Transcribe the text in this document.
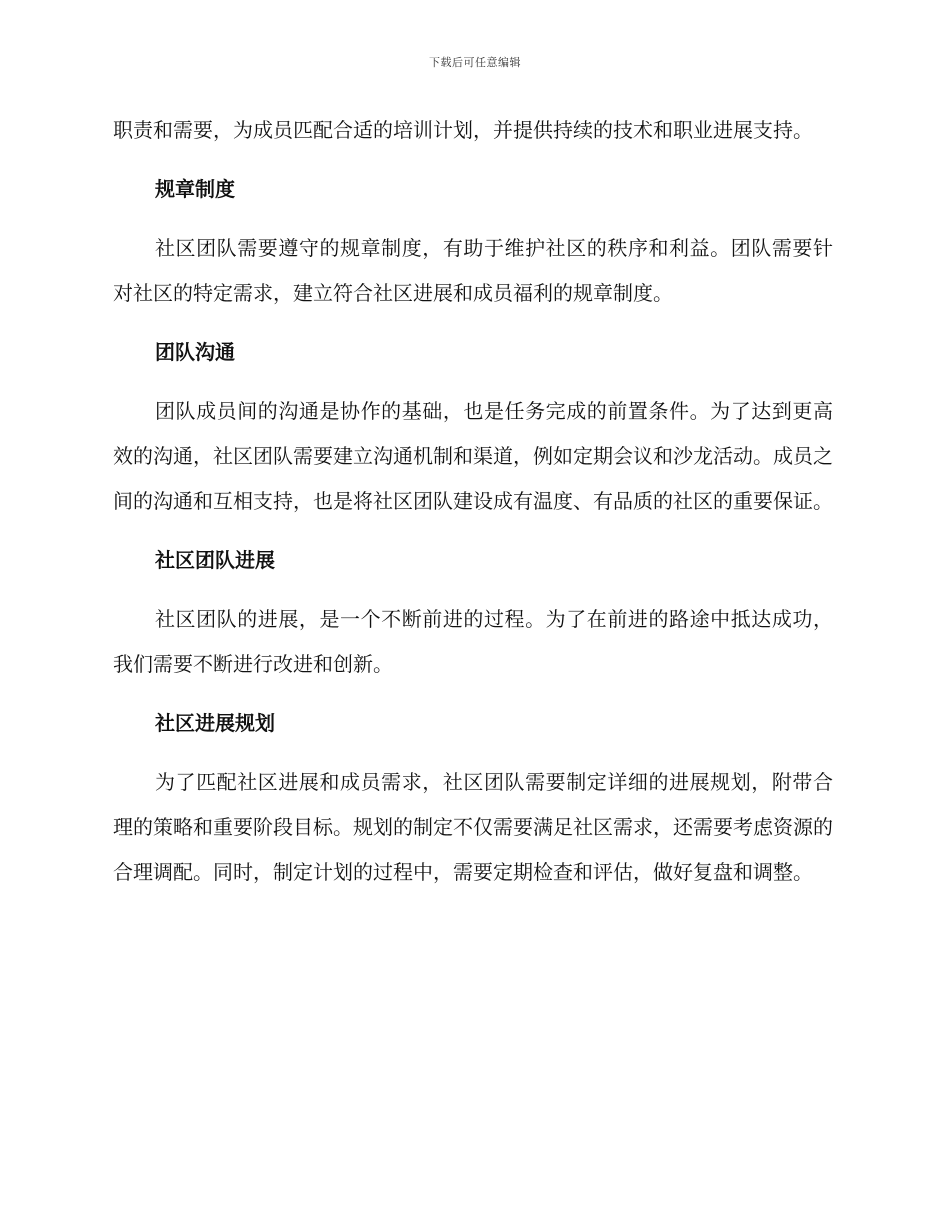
下载后可任意编辑

职责和需要，为成员匹配合适的培训计划，并提供持续的技术和职业进展支持。

规章制度

社区团队需要遵守的规章制度，有助于维护社区的秩序和利益。团队需要针对社区的特定需求，建立符合社区进展和成员福利的规章制度。

团队沟通

团队成员间的沟通是协作的基础，也是任务完成的前置条件。为了达到更高效的沟通，社区团队需要建立沟通机制和渠道，例如定期会议和沙龙活动。成员之间的沟通和互相支持，也是将社区团队建设成有温度、有品质的社区的重要保证。

社区团队进展

社区团队的进展，是一个不断前进的过程。为了在前进的路途中抵达成功，我们需要不断进行改进和创新。

社区进展规划

为了匹配社区进展和成员需求，社区团队需要制定详细的进展规划，附带合理的策略和重要阶段目标。规划的制定不仅需要满足社区需求，还需要考虑资源的合理调配。同时，制定计划的过程中，需要定期检查和评估，做好复盘和调整。
